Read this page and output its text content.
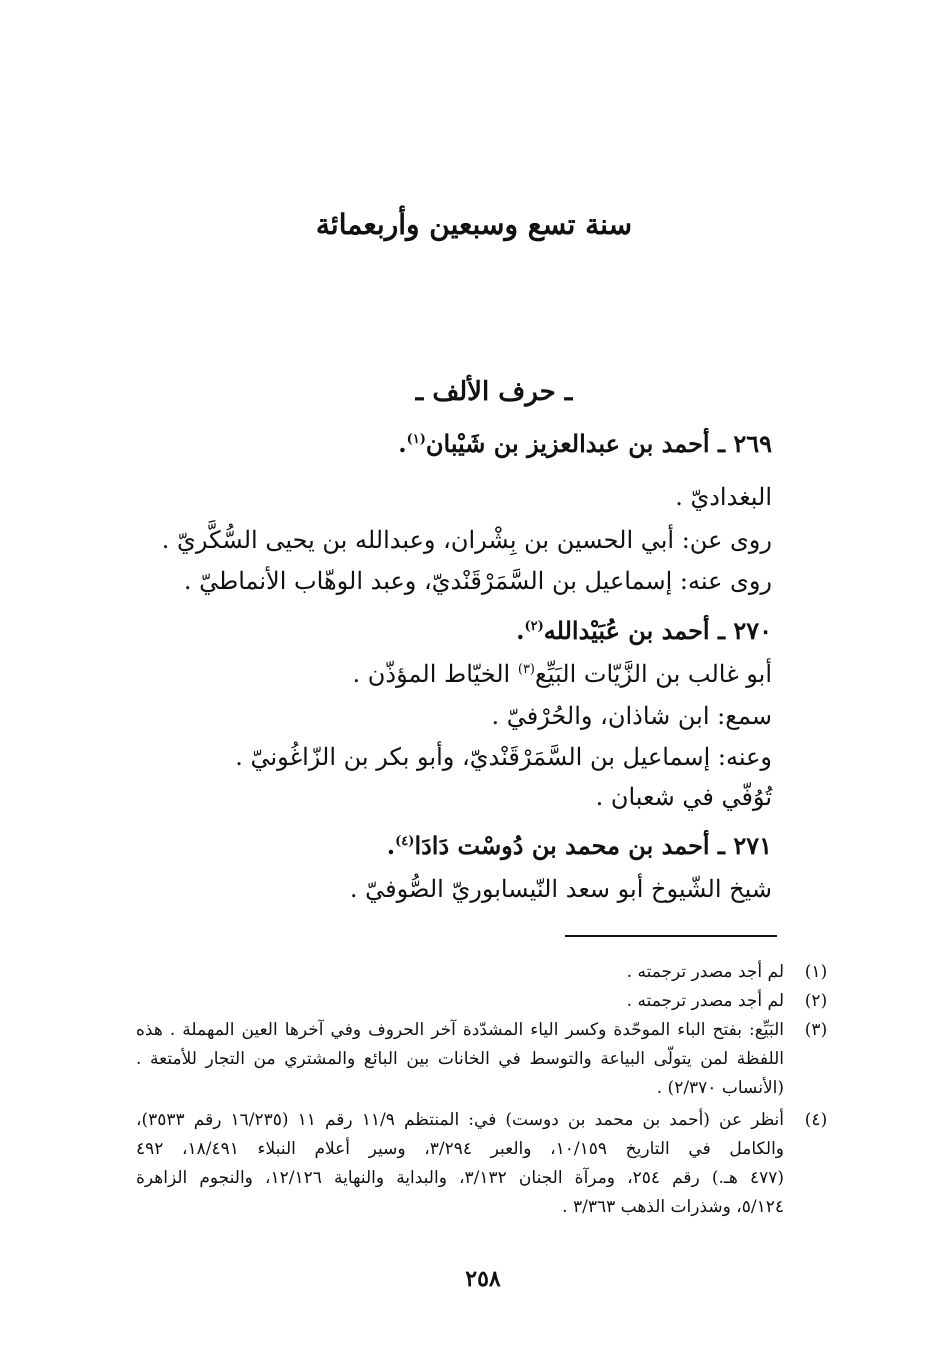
سنة تسع وسبعين وأربعمائة
ـ حرف الألف ـ
٢٦٩ ـ أحمد بن عبدالعزيز بن شَيْبان$^{(١)}$.
البغداديّ .
روى عن: أبي الحسين بن بِشْران، وعبدالله بن يحيى السُّكَّريّ .
روى عنه: إسماعيل بن السَّمَرْقَنْديّ، وعبد الوهّاب الأنماطيّ .
٢٧٠ ـ أحمد بن عُبَيْدالله$^{(٢)}$.
أبو غالب بن الزَّيّات البَيِّع$^{(٣)}$ الخيّاط المؤذّن .
سمع: ابن شاذان، والحُرْفيّ .
وعنه: إسماعيل بن السَّمَرْقَنْديّ، وأبو بكر بن الزّاغُونيّ .
تُوُفّي في شعبان .
٢٧١ ـ أحمد بن محمد بن دُوسْت دَادَا$^{(٤)}$.
شيخ الشّيوخ أبو سعد النّيسابوريّ الصُّوفيّ .
(١)
لم أجد مصدر ترجمته .
(٢)
لم أجد مصدر ترجمته .
(٣)
البَيِّع: بفتح الباء الموحّدة وكسر الياء المشدّدة آخر الحروف وفي آخرها العين المهملة . هذه
اللفظة لمن يتولّى البياعة والتوسط في الخانات بين البائع والمشتري من التجار للأمتعة .
(الأنساب ٢/٣٧٠) .
(٤)
أنظر عن (أحمد بن محمد بن دوست) في: المنتظم ١١/٩ رقم ١١ (١٦/٢٣٥ رقم ٣٥٣٣)،
والكامل في التاريخ ١٠/١٥٩، والعبر ٣/٢٩٤، وسير أعلام النبلاء ١٨/٤٩١، ٤٩٢
(٤٧٧ هـ.) رقم ٢٥٤، ومرآة الجنان ٣/١٣٢، والبداية والنهاية ١٢/١٢٦، والنجوم الزاهرة
٥/١٢٤، وشذرات الذهب ٣/٣٦٣ .
٢٥٨
